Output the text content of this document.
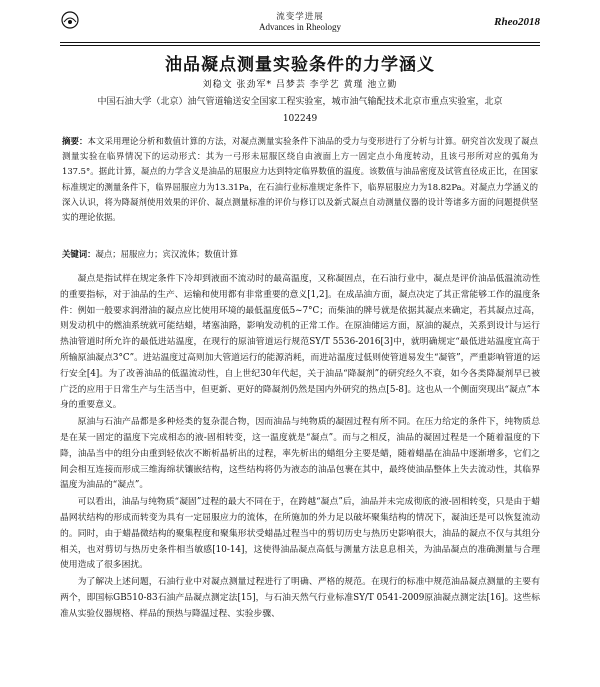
流变学进展
Advances in Rheology	Rheo2018
油品凝点测量实验条件的力学涵义
刘稳文 张劲军* 吕梦芸 李学艺 黄瑾 池立勤
中国石油大学（北京）油气管道输送安全国家工程实验室，城市油气输配技术北京市重点实验室，北京 102249
摘要：本文采用理论分析和数值计算的方法，对凝点测量实验条件下油品的受力与变形进行了分析与计算。研究首次发现了凝点测量实验在临界情况下的运动形式：其为一弓形未屈服区绕自由液面上方一固定点小角度转动，且该弓形所对应的弧角为137.5°。据此计算，凝点的力学含义是油品的屈服应力达到特定临界数值的温度。该数值与油品密度及试管直径成正比，在国家标准规定的测量条件下，临界屈服应力为13.31Pa，在石油行业标准规定条件下，临界屈服应力为18.82Pa。对凝点力学涵义的深入认识，将为降凝剂使用效果的评价、凝点测量标准的评价与修订以及新式凝点自动测量仪器的设计等诸多方面的问题提供坚实的理论依据。
关键词：凝点；屈服应力；宾汉流体；数值计算

凝点是指试样在规定条件下冷却到液面不流动时的最高温度，又称凝固点，在石油行业中，凝点是评价油品低温流动性的重要指标，对于油品的生产、运输和使用都有非常重要的意义[1,2]。在成品油方面，凝点决定了其正常能够工作的温度条件：例如一般要求润滑油的凝点应比使用环境的最低温度低5~7°C；而柴油的牌号就是依据其凝点来确定，若其凝点过高，则发动机中的燃油系统就可能结蜡，堵塞油路，影响发动机的正常工作。在原油储运方面，原油的凝点，关系到设计与运行热油管道时所允许的最低进站温度，在现行的原油管道运行规范SY/T 5536-2016[3]中，就明确规定“最低进站温度宜高于所输原油凝点3°C”。进站温度过高则加大管道运行的能源消耗，而进站温度过低则使管道易发生“凝管”，严重影响管道的运行安全[4]。为了改善油品的低温流动性，自上世纪30年代起，关于油品“降凝剂”的研究经久不衰，如今各类降凝剂早已被广泛的应用于日常生产与生活当中，但更新、更好的降凝剂仍然是国内外研究的热点[5-8]。这也从一个侧面突现出“凝点”本身的重要意义。

原油与石油产品都是多种烃类的复杂混合物，因而油品与纯物质的凝固过程有所不同。在压力给定的条件下，纯物质总是在某一固定的温度下完成相态的液-固相转变，这一温度就是“凝点”。而与之相反，油品的凝固过程是一个随着温度的下降，油品当中的组分由重到轻依次不断析晶析出的过程，率先析出的蜡组分主要是蜡，随着蜡晶在油品中逐渐增多，它们之间会相互连接而形成三维海绵状镶嵌结构，这些结构将仍为液态的油品包裹在其中，最终使油品整体上失去流动性，其临界温度为油品的“凝点”。

可以看出，油品与纯物质“凝固”过程的最大不同在于，在跨越“凝点”后，油品并未完成彻底的液-固相转变，只是由于蜡晶网状结构的形成而转变为具有一定屈服应力的流体，在所施加的外力足以破坏聚集结构的情况下，凝油还是可以恢复流动的。同时，由于蜡晶微结构的聚集程度和聚集形状受蜡晶过程当中的剪切历史与热历史影响很大，油品的凝点不仅与其组分相关，也对剪切与热历史条件相当敏感[10-14]，这使得油品凝点高低与测量方法息息相关，为油品凝点的准确测量与合理使用造成了很多困扰。

为了解决上述问题，石油行业中对凝点测量过程进行了明确、严格的规范。在现行的标准中规范油品凝点测量的主要有两个，即国标GB510-83石油产品凝点测定法[15]，与石油天然气行业标准SY/T 0541-2009原油凝点测定法[16]。这些标准从实验仪器规格、样品的预热与降温过程、实验步骤、
